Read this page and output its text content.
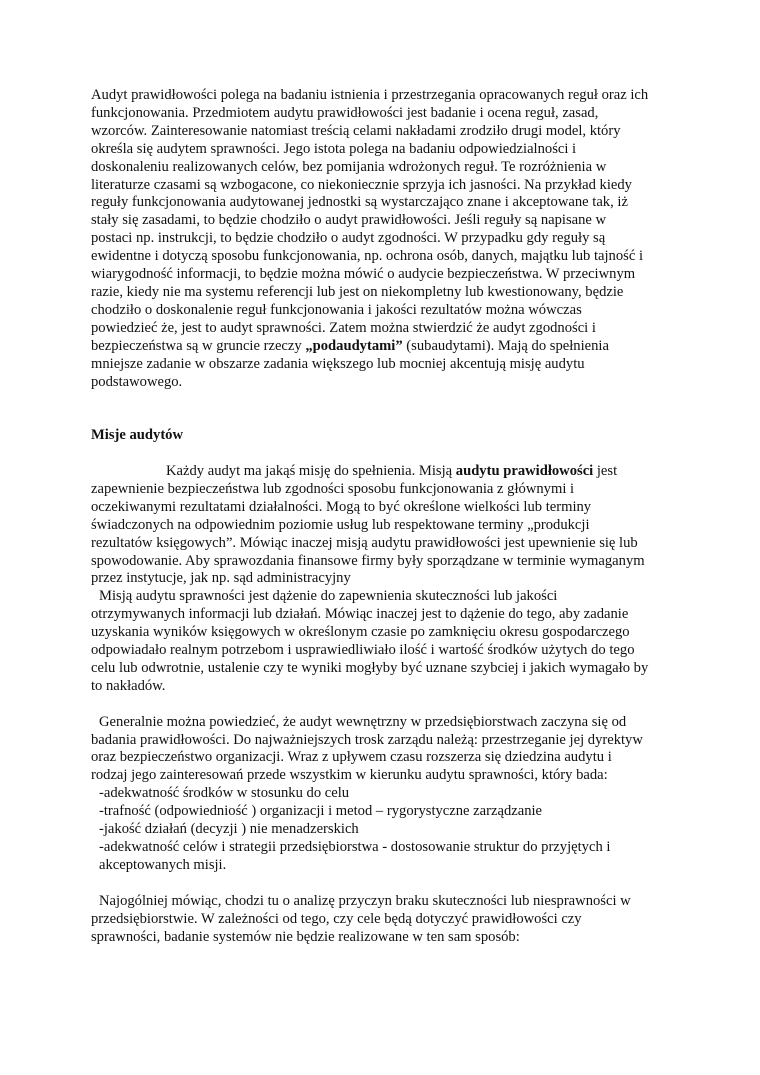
Audyt prawidłowości polega na badaniu istnienia i przestrzegania opracowanych reguł oraz ich funkcjonowania. Przedmiotem audytu prawidłowości jest badanie i ocena reguł, zasad, wzorców. Zainteresowanie natomiast treścią celami nakładami zrodziło drugi model, który określa się audytem sprawności. Jego istota polega na badaniu odpowiedzialności i doskonaleniu realizowanych celów, bez pomijania wdrożonych reguł. Te rozróżnienia w literaturze czasami są wzbogacone, co niekoniecznie sprzyja ich jasności. Na przykład kiedy reguły funkcjonowania audytowanej jednostki są wystarczająco znane i akceptowane tak, iż stały się zasadami, to będzie chodziło o audyt prawidłowości. Jeśli reguły są napisane w postaci np. instrukcji, to będzie chodziło o audyt zgodności. W przypadku gdy reguły są ewidentne i dotyczą sposobu funkcjonowania, np. ochrona osób, danych, majątku lub tajność i wiarygodność informacji, to będzie można mówić o audycie bezpieczeństwa. W przeciwnym razie, kiedy nie ma systemu referencji lub jest on niekompletny lub kwestionowany, będzie chodziło o doskonalenie reguł funkcjonowania i jakości rezultatów można wówczas powiedzieć że, jest to audyt sprawności. Zatem można stwierdzić że audyt zgodności i bezpieczeństwa są w gruncie rzeczy „podaudytami” (subaudytami). Mają do spełnienia mniejsze zadanie w obszarze zadania większego lub mocniej akcentują misję audytu podstawowego.

Misje audytów

Każdy audyt ma jakąś misję do spełnienia. Misją audytu prawidłowości jest zapewnienie bezpieczeństwa lub zgodności sposobu funkcjonowania z głównymi i oczekiwanymi rezultatami działalności. Mogą to być określone wielkości lub terminy świadczonych na odpowiednim poziomie usług lub respektowane terminy „produkcji rezultatów księgowych”. Mówiąc inaczej misją audytu prawidłowości jest upewnienie się lub spowodowanie. Aby sprawozdania finansowe firmy były sporządzane w terminie wymaganym przez instytucje, jak np. sąd administracyjny

Misją audytu sprawności jest dążenie do zapewnienia skuteczności lub jakości otrzymywanych informacji lub działań. Mówiąc inaczej jest to dążenie do tego, aby zadanie uzyskania wyników księgowych w określonym czasie po zamknięciu okresu gospodarczego odpowiadało realnym potrzebom i usprawiedliwiało ilość i wartość środków użytych do tego celu lub odwrotnie, ustalenie czy te wyniki mogłyby być uznane szybciej i jakich wymagało by to nakładów.

Generalnie można powiedzieć, że audyt wewnętrzny w przedsiębiorstwach zaczyna się od badania prawidłowości. Do najważniejszych trosk zarządu należą: przestrzeganie jej dyrektyw oraz bezpieczeństwo organizacji. Wraz z upływem czasu rozszerza się dziedzina audytu i rodzaj jego zainteresowań przede wszystkim w kierunku audytu sprawności, który bada:

-adekwatność środków w stosunku do celu

-trafność (odpowiedniość ) organizacji i metod – rygorystyczne zarządzanie

-jakość działań (decyzji ) nie menadzerskich

-adekwatność celów i strategii przedsiębiorstwa - dostosowanie struktur do przyjętych i akceptowanych misji.

Najogólniej mówiąc, chodzi tu o analizę przyczyn braku skuteczności lub niesprawności w przedsiębiorstwie. W zależności od tego, czy cele będą dotyczyć prawidłowości czy sprawności, badanie systemów nie będzie realizowane w ten sam sposób:
